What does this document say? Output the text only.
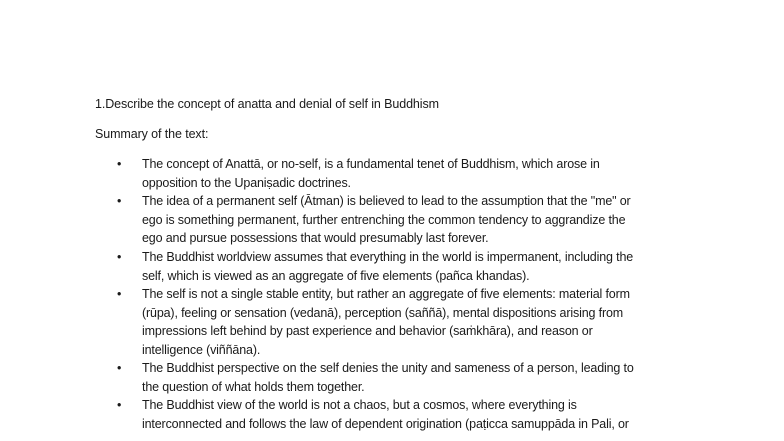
1.Describe the concept of anatta and denial of self in Buddhism
Summary of the text:
• The concept of Anattā, or no-self, is a fundamental tenet of Buddhism, which arose in
opposition to the Upaniṣadic doctrines.
• The idea of a permanent self (Ātman) is believed to lead to the assumption that the "me" or
ego is something permanent, further entrenching the common tendency to aggrandize the
ego and pursue possessions that would presumably last forever.
• The Buddhist worldview assumes that everything in the world is impermanent, including the
self, which is viewed as an aggregate of five elements (pañca khandas).
• The self is not a single stable entity, but rather an aggregate of five elements: material form
(rūpa), feeling or sensation (vedanā), perception (saññā), mental dispositions arising from
impressions left behind by past experience and behavior (saṁkhāra), and reason or
intelligence (viññāna).
• The Buddhist perspective on the self denies the unity and sameness of a person, leading to
the question of what holds them together.
• The Buddhist view of the world is not a chaos, but a cosmos, where everything is
interconnected and follows the law of dependent origination (paṭicca samuppāda in Pali, or
